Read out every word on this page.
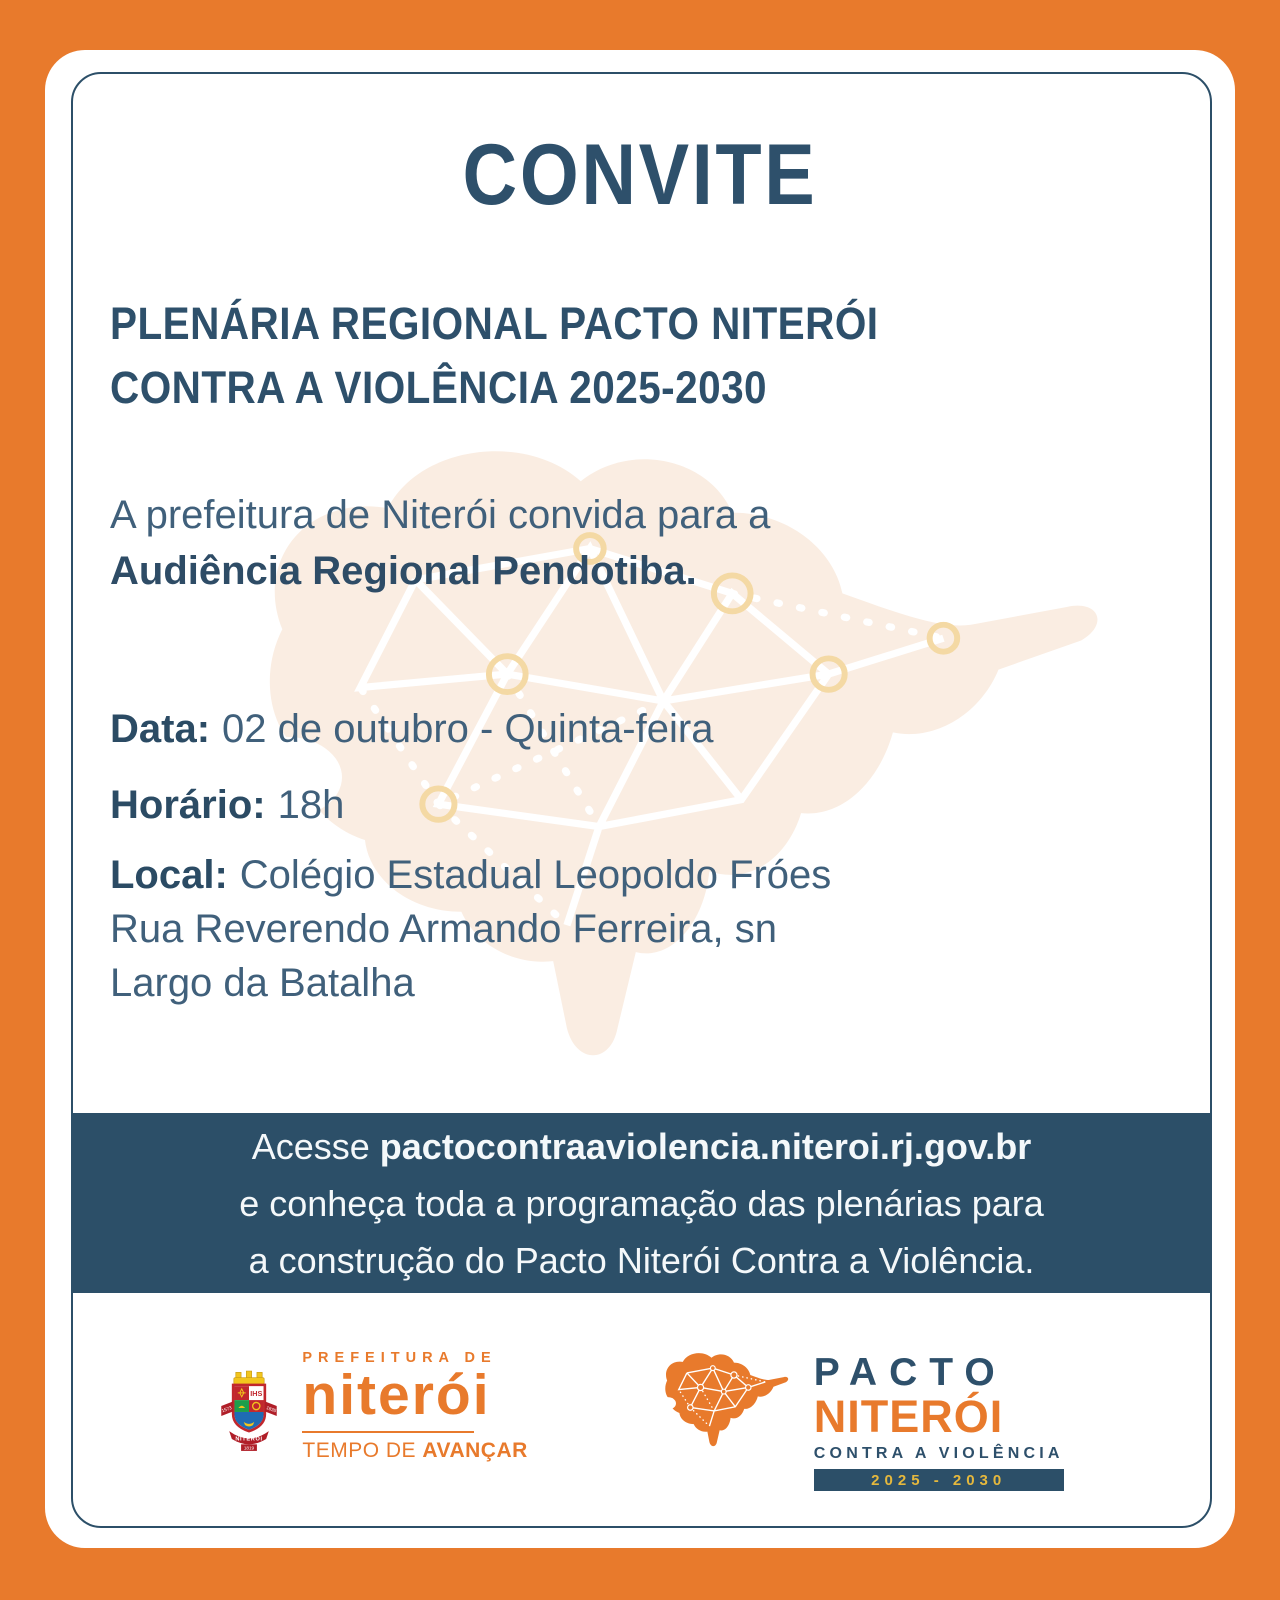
CONVITE
PLENÁRIA REGIONAL PACTO NITERÓI
CONTRA A VIOLÊNCIA 2025-2030

A prefeitura de Niterói convida para a
Audiência Regional Pendotiba.

Data: 02 de outubro - Quinta-feira

Horário: 18h

Local: Colégio Estadual Leopoldo Fróes
Rua Reverendo Armando Ferreira, sn
Largo da Batalha

Acesse pactocontraaviolencia.niteroi.rj.gov.br
e conheça toda a programação das plenárias para
a construção do Pacto Niterói Contra a Violência.

IHS
1573	1835
NITERÓI
1819
PREFEITURA DE
niterói
TEMPO DE AVANÇAR
PACTO
NITERÓI
CONTRA A VIOLÊNCIA
2025 - 2030
